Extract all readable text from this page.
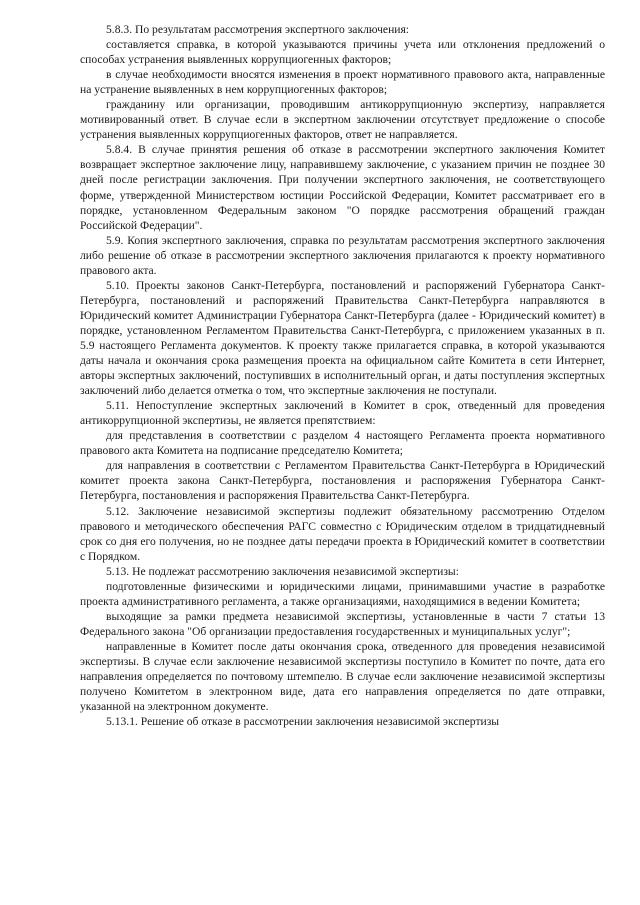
5.8.3. По результатам рассмотрения экспертного заключения:

составляется справка, в которой указываются причины учета или отклонения предложений о способах устранения выявленных коррупциогенных факторов;

в случае необходимости вносятся изменения в проект нормативного правового акта, направленные на устранение выявленных в нем коррупциогенных факторов;

гражданину или организации, проводившим антикоррупционную экспертизу, направляется мотивированный ответ. В случае если в экспертном заключении отсутствует предложение о способе устранения выявленных коррупциогенных факторов, ответ не направляется.

5.8.4. В случае принятия решения об отказе в рассмотрении экспертного заключения Комитет возвращает экспертное заключение лицу, направившему заключение, с указанием причин не позднее 30 дней после регистрации заключения. При получении экспертного заключения, не соответствующего форме, утвержденной Министерством юстиции Российской Федерации, Комитет рассматривает его в порядке, установленном Федеральным законом "О порядке рассмотрения обращений граждан Российской Федерации".

5.9. Копия экспертного заключения, справка по результатам рассмотрения экспертного заключения либо решение об отказе в рассмотрении экспертного заключения прилагаются к проекту нормативного правового акта.

5.10. Проекты законов Санкт-Петербурга, постановлений и распоряжений Губернатора Санкт-Петербурга, постановлений и распоряжений Правительства Санкт-Петербурга направляются в Юридический комитет Администрации Губернатора Санкт-Петербурга (далее - Юридический комитет) в порядке, установленном Регламентом Правительства Санкт-Петербурга, с приложением указанных в п. 5.9 настоящего Регламента документов. К проекту также прилагается справка, в которой указываются даты начала и окончания срока размещения проекта на официальном сайте Комитета в сети Интернет, авторы экспертных заключений, поступивших в исполнительный орган, и даты поступления экспертных заключений либо делается отметка о том, что экспертные заключения не поступали.

5.11. Непоступление экспертных заключений в Комитет в срок, отведенный для проведения антикоррупционной экспертизы, не является препятствием:

для представления в соответствии с разделом 4 настоящего Регламента проекта нормативного правового акта Комитета на подписание председателю Комитета;

для направления в соответствии с Регламентом Правительства Санкт-Петербурга в Юридический комитет проекта закона Санкт-Петербурга, постановления и распоряжения Губернатора Санкт-Петербурга, постановления и распоряжения Правительства Санкт-Петербурга.

5.12. Заключение независимой экспертизы подлежит обязательному рассмотрению Отделом правового и методического обеспечения РАГС совместно с Юридическим отделом в тридцатидневный срок со дня его получения, но не позднее даты передачи проекта в Юридический комитет в соответствии с Порядком.

5.13. Не подлежат рассмотрению заключения независимой экспертизы:

подготовленные физическими и юридическими лицами, принимавшими участие в разработке проекта административного регламента, а также организациями, находящимися в ведении Комитета;

выходящие за рамки предмета независимой экспертизы, установленные в части 7 статьи 13 Федерального закона "Об организации предоставления государственных и муниципальных услуг";

направленные в Комитет после даты окончания срока, отведенного для проведения независимой экспертизы. В случае если заключение независимой экспертизы поступило в Комитет по почте, дата его направления определяется по почтовому штемпелю. В случае если заключение независимой экспертизы получено Комитетом в электронном виде, дата его направления определяется по дате отправки, указанной на электронном документе.

5.13.1. Решение об отказе в рассмотрении заключения независимой экспертизы
